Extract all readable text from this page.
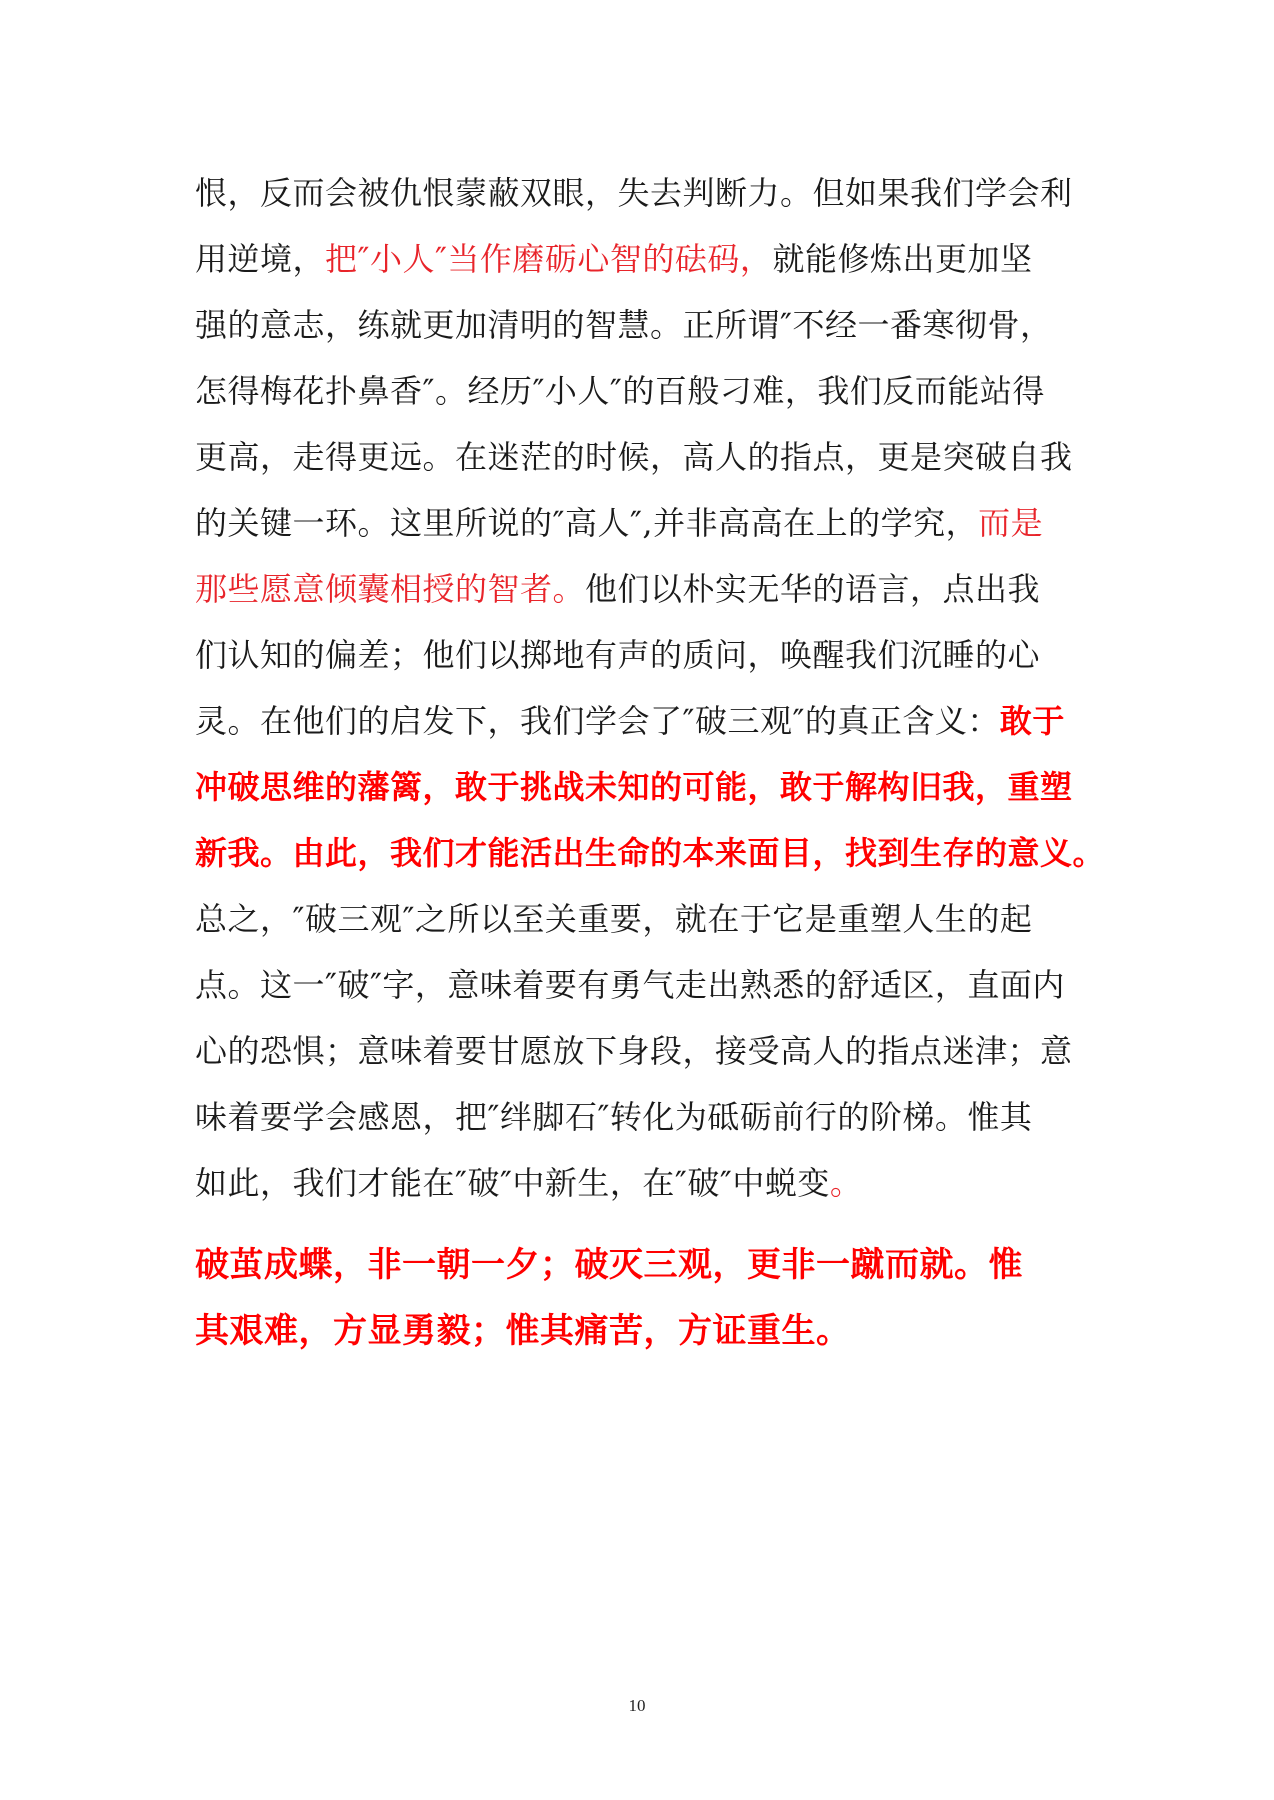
恨，反而会被仇恨蒙蔽双眼，失去判断力。但如果我们学会利
用逆境，把″小人″当作磨砺心智的砝码，就能修炼出更加坚
强的意志，练就更加清明的智慧。正所谓″不经一番寒彻骨，
怎得梅花扑鼻香″。经历″小人″的百般刁难，我们反而能站得
更高，走得更远。在迷茫的时候，高人的指点，更是突破自我
的关键一环。这里所说的″高人″,并非高高在上的学究，而是
那些愿意倾囊相授的智者。他们以朴实无华的语言，点出我
们认知的偏差；他们以掷地有声的质问，唤醒我们沉睡的心
灵。在他们的启发下，我们学会了″破三观″的真正含义：敢于
冲破思维的藩篱，敢于挑战未知的可能，敢于解构旧我，重塑
新我。由此，我们才能活出生命的本来面目，找到生存的意义。
总之，″破三观″之所以至关重要，就在于它是重塑人生的起
点。这一″破″字，意味着要有勇气走出熟悉的舒适区，直面内
心的恐惧；意味着要甘愿放下身段，接受高人的指点迷津；意
味着要学会感恩，把″绊脚石″转化为砥砺前行的阶梯。惟其
如此，我们才能在″破″中新生，在″破″中蜕变。
破茧成蝶，非一朝一夕；破灭三观，更非一蹴而就。惟
其艰难，方显勇毅；惟其痛苦，方证重生。
10
